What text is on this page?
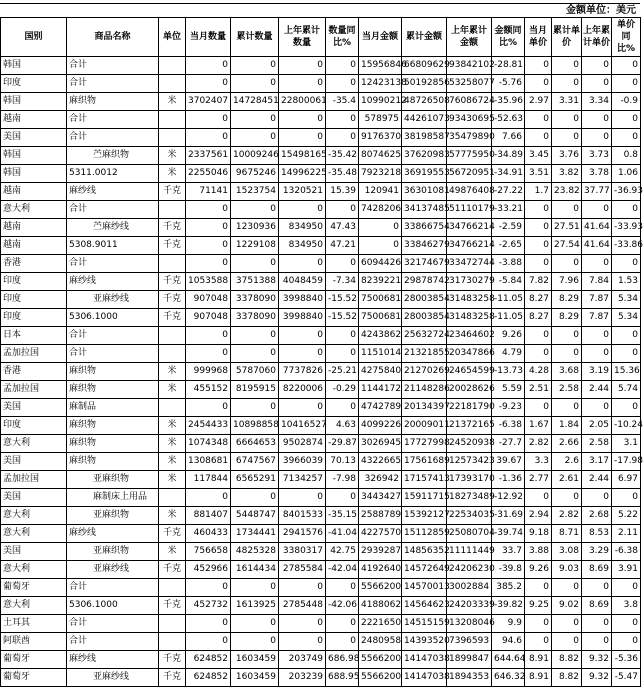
金额单位：美元
国别	商品名称	单位	当月数量	累计数量	上年累计数量	数量同比%	当月金额	累计金额	上年累计金额	金额同比%	当月单价	累计单价	上年累计单价	单价同比%
韩国	合计		0	0	0	0	15956846	66809629	93842102	-28.81	0	0	0	0
印度	合计		0	0	0	0	12423138	50192856	53258077	-5.76	0	0	0	0
韩国	麻织物	米	3702407	14728451	22800061	-35.4	10990212	48726508	76086724	-35.96	2.97	3.31	3.34	-0.9
越南	合计		0	0	0	0	578975	44261073	93430695	-52.63	0	0	0	0
美国	合计		0	0	0	0	9176370	38198587	35479890	7.66	0	0	0	0
韩国	苎麻织物	米	2337561	10009246	15498165	-35.42	8074625	37620983	57775950	-34.89	3.45	3.76	3.73	0.8
韩国	5311.0012	米	2255046	9675246	14996225	-35.48	7923218	36919553	56720951	-34.91	3.51	3.82	3.78	1.06
越南	麻纱线	千克	71141	1523754	1320521	15.39	120941	36301081	49876408	-27.22	1.7	23.82	37.77	-36.93
意大利	合计		0	0	0	0	7428206	34137485	51110179	-33.21	0	0	0	0
越南	苎麻纱线	千克	0	1230936	834950	47.43	0	33866754	34766214	-2.59	0	27.51	41.64	-33.93
越南	5308.9011	千克	0	1229108	834950	47.21	0	33846279	34766214	-2.65	0	27.54	41.64	-33.86
香港	合计		0	0	0	0	6094426	32174679	33472744	-3.88	0	0	0	0
印度	麻纱线	千克	1053588	3751388	4048459	-7.34	8239221	29878742	31730279	-5.84	7.82	7.96	7.84	1.53
印度	亚麻纱线	千克	907048	3378090	3998840	-15.52	7500681	28003854	31483258	-11.05	8.27	8.29	7.87	5.34
印度	5306.1000	千克	907048	3378090	3998840	-15.52	7500681	28003854	31483258	-11.05	8.27	8.29	7.87	5.34
日本	合计		0	0	0	0	4243862	25632724	23464602	9.26	0	0	0	0
孟加拉国	合计		0	0	0	0	1151014	21321855	20347866	4.79	0	0	0	0
香港	麻织物	米	999968	5787060	7737826	-25.21	4275840	21270269	24654599	-13.73	4.28	3.68	3.19	15.36
孟加拉国	麻织物	米	455152	8195915	8220006	-0.29	1144172	21148286	20028626	5.59	2.51	2.58	2.44	5.74
美国	麻制品		0	0	0	0	4742789	20134397	22181790	-9.23	0	0	0	0
印度	麻织物	米	2454433	10898858	10416527	4.63	4099226	20009011	21372165	-6.38	1.67	1.84	2.05	-10.24
意大利	麻织物	米	1074348	6664653	9502874	-29.87	3026945	17727998	24520938	-27.7	2.82	2.66	2.58	3.1
美国	麻织物	米	1308681	6747567	3966039	70.13	4322665	17561689	12573423	39.67	3.3	2.6	3.17	-17.98
孟加拉国	亚麻织物	米	117844	6565291	7134257	-7.98	326942	17157413	17393170	-1.36	2.77	2.61	2.44	6.97
美国	麻制床上用品		0	0	0	0	3443427	15911715	18273489	-12.92	0	0	0	0
意大利	亚麻织物	米	881407	5448747	8401533	-35.15	2588789	15392127	22534035	-31.69	2.94	2.82	2.68	5.22
意大利	麻纱线	千克	460433	1734441	2941576	-41.04	4227570	15112859	25080704	-39.74	9.18	8.71	8.53	2.11
美国	亚麻织物	米	756658	4825328	3380317	42.75	2939287	14856352	11111449	33.7	3.88	3.08	3.29	-6.38
意大利	亚麻纱线	千克	452966	1614434	2785584	-42.04	4192640	14572649	24206230	-39.8	9.26	9.03	8.69	3.91
葡萄牙	合计		0	0	0	0	5566200	14570013	3002884	385.2	0	0	0	0
意大利	5306.1000	千克	452732	1613925	2785448	-42.06	4188062	14564623	24203339	-39.82	9.25	9.02	8.69	3.8
土耳其	合计		0	0	0	0	2221650	14515159	13208046	9.9	0	0	0	0
阿联酋	合计		0	0	0	0	2480958	14393520	7396593	94.6	0	0	0	0
葡萄牙	麻纱线	千克	624852	1603459	203749	686.98	5566200	14147038	1899847	644.64	8.91	8.82	9.32	-5.36
葡萄牙	亚麻纱线	千克	624852	1603459	203239	688.95	5566200	14147038	1894353	646.32	8.91	8.82	9.32	-5.47
